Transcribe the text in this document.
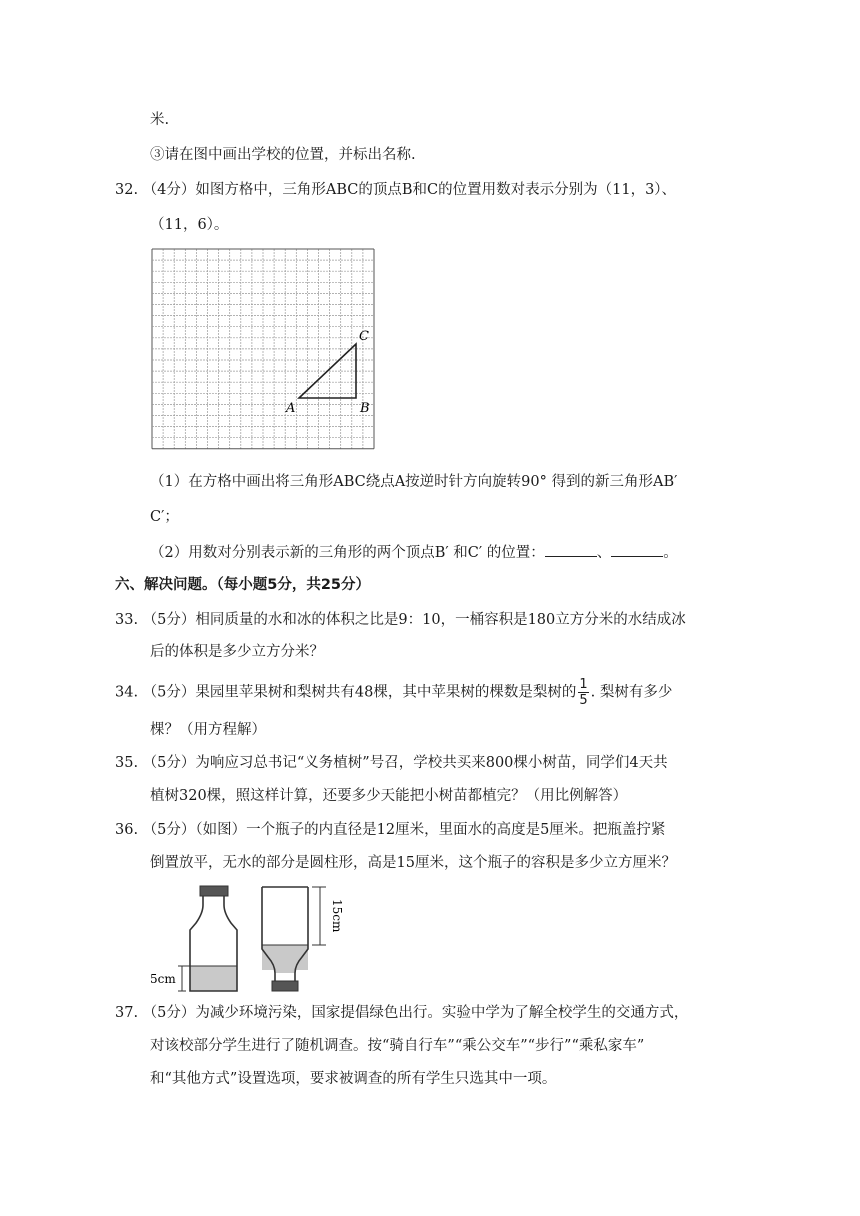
米.
③请在图中画出学校的位置，并标出名称.
32. （4分）如图方格中，三角形ABC的顶点B和C的位置用数对表示分别为（11，3）、
（11，6）。
A	B
C
（1）在方格中画出将三角形ABC绕点A按逆时针方向旋转90° 得到的新三角形AB′
C′；
（2）用数对分别表示新的三角形的两个顶点B′ 和C′ 的位置：	、	。
六、解决问题。（每小题5分，共25分）
33. （5分）相同质量的水和冰的体积之比是9：10，一桶容积是180立方分米的水结成冰
后的体积是多少立方分米？
34. （5分）果园里苹果树和梨树共有48棵，其中苹果树的棵数是梨树的 $\frac{1}{5}$ . 梨树有多少
棵？（用方程解）
35. （5分）为响应习总书记“义务植树”号召，学校共买来800棵小树苗，同学们4天共
植树320棵，照这样计算，还要多少天能把小树苗都植完？（用比例解答）
36. （5分）（如图）一个瓶子的内直径是12厘米，里面水的高度是5厘米。把瓶盖拧紧
倒置放平，无水的部分是圆柱形，高是15厘米，这个瓶子的容积是多少立方厘米？
5cm
15cm
37. （5分）为减少环境污染，国家提倡绿色出行。实验中学为了解全校学生的交通方式，
对该校部分学生进行了随机调查。按“骑自行车”“乘公交车”“步行”“乘私家车”
和“其他方式”设置选项，要求被调查的所有学生只选其中一项。
